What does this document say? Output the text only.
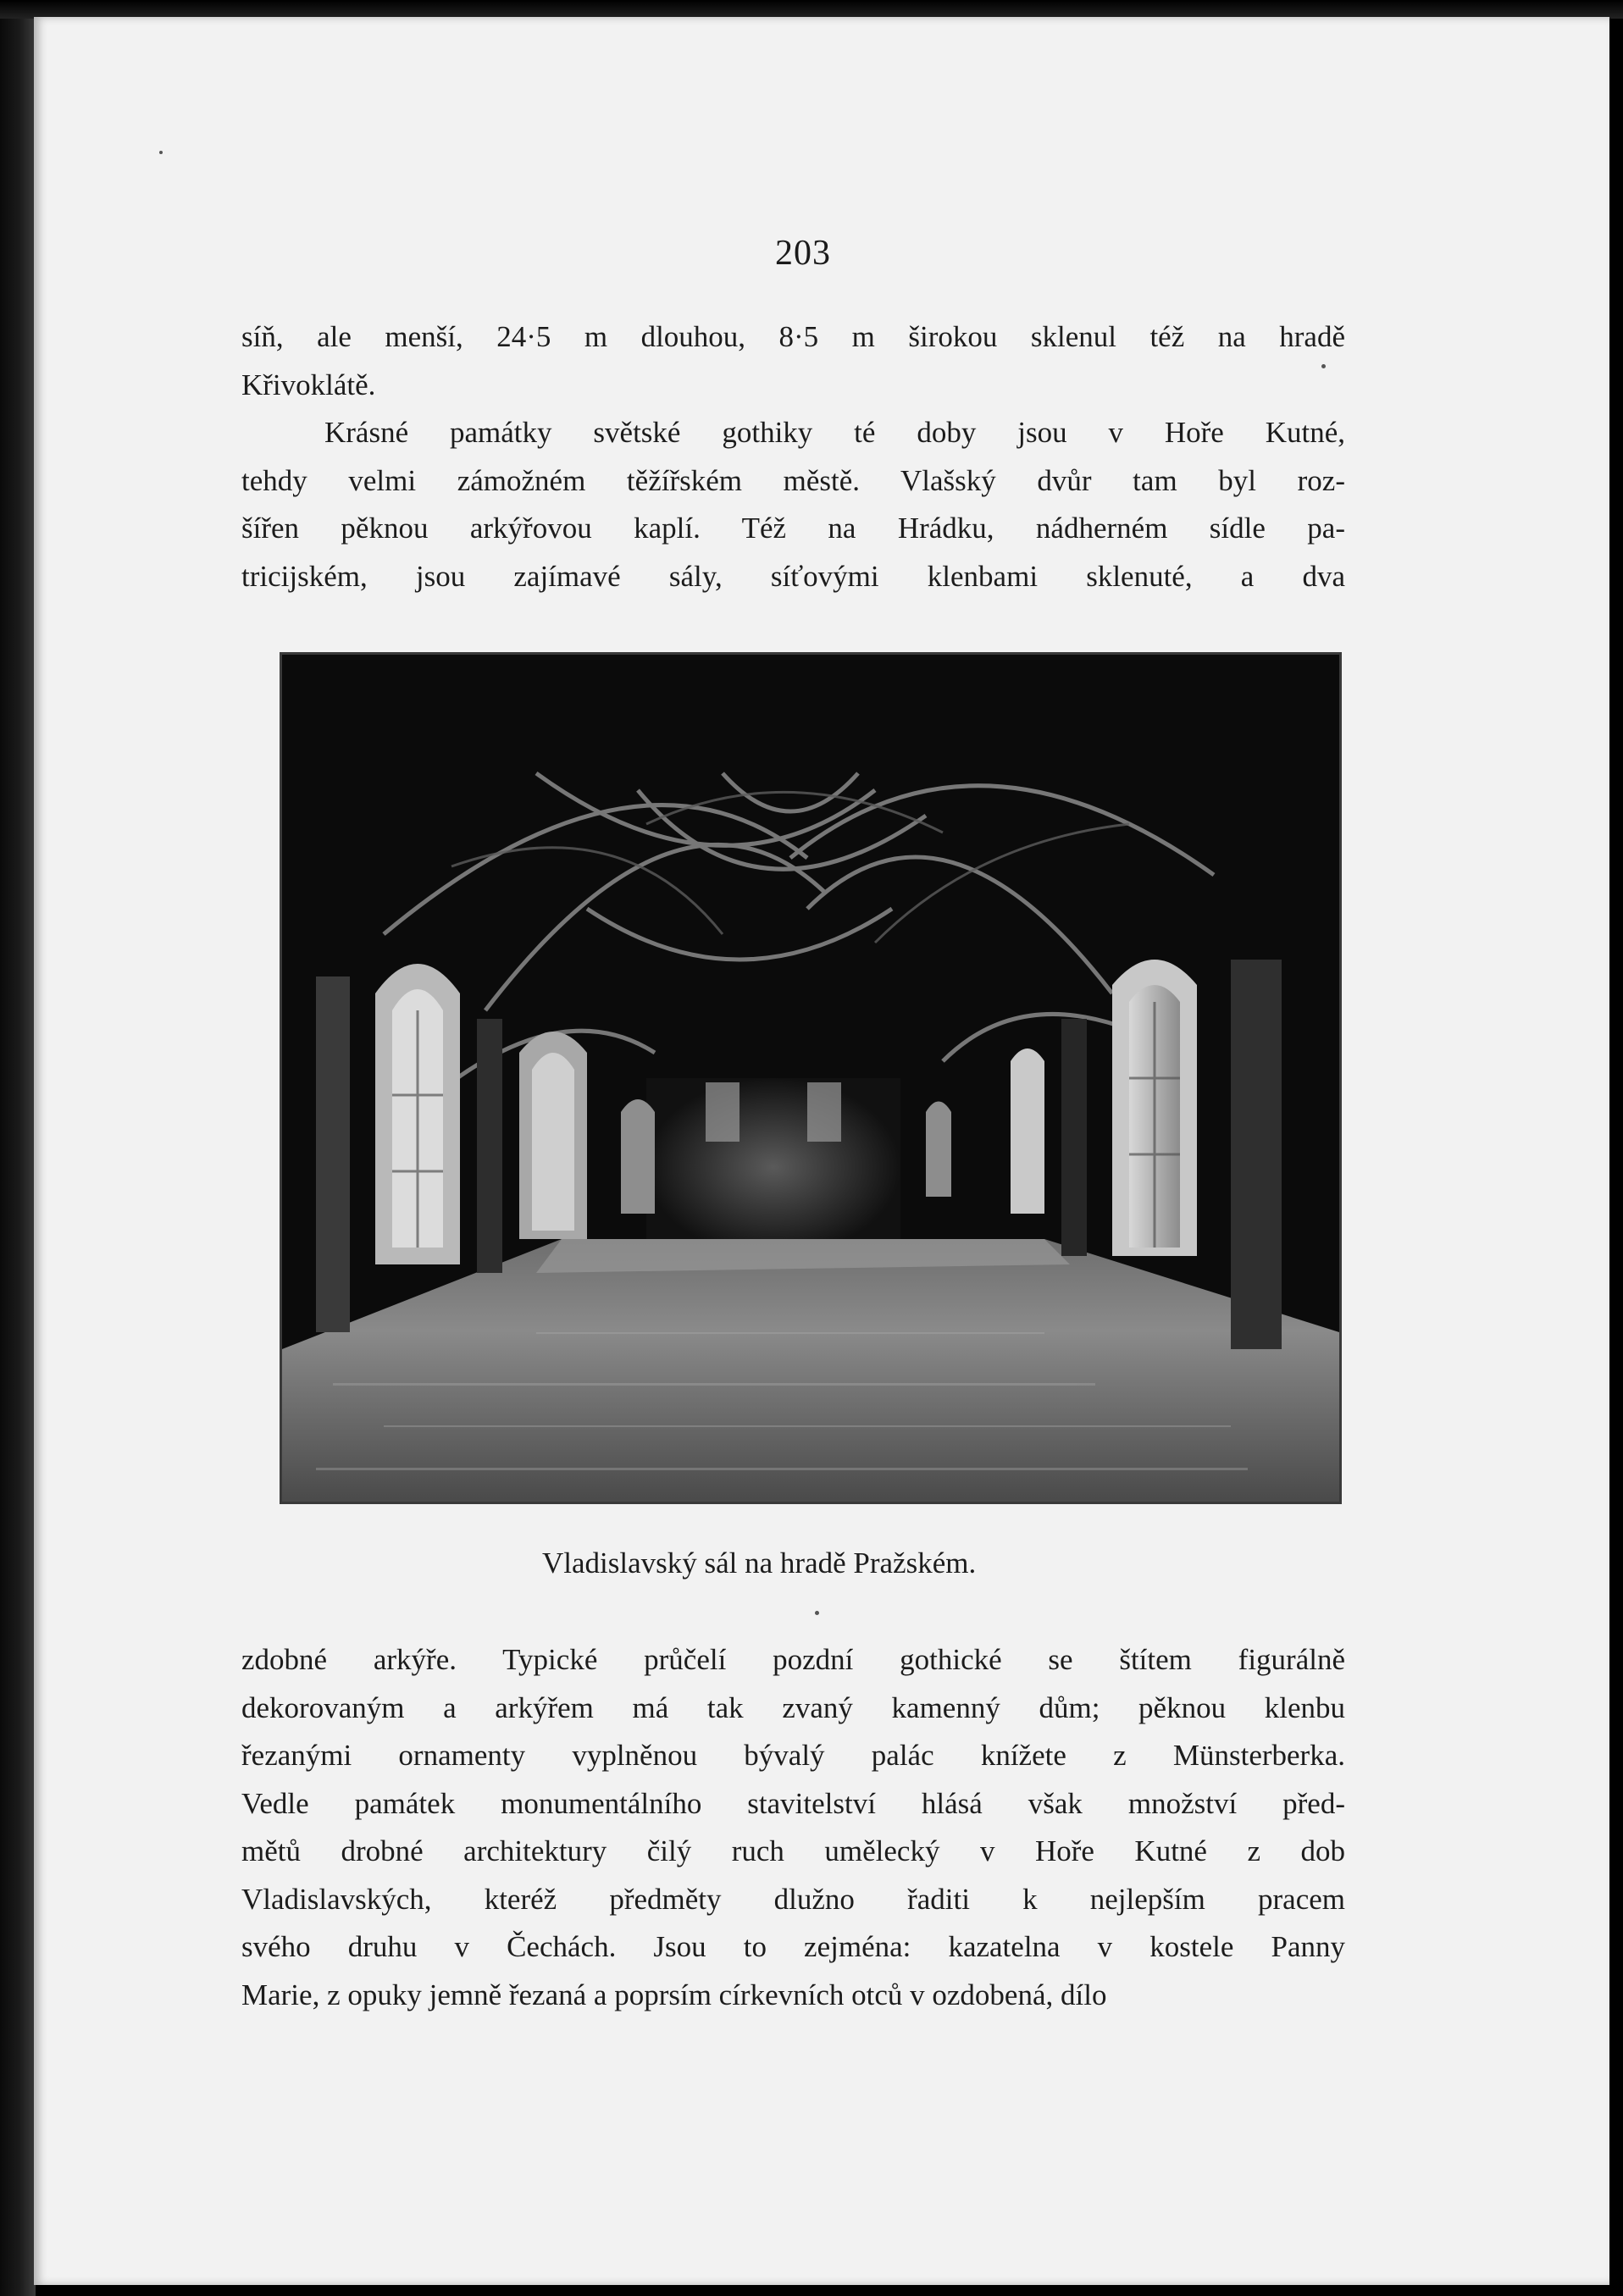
203
síň, ale menší, 24·5 m dlouhou, 8·5 m širokou sklenul též na hradě
Křivoklátě.
Krásné památky světské gothiky té doby jsou v Hoře Kutné,
tehdy velmi zámožném těžířském městě. Vlašský dvůr tam byl roz-
šířen pěknou arkýřovou kaplí. Též na Hrádku, nádherném sídle pa-
tricijském, jsou zajímavé sály, síťovými klenbami sklenuté, a dva
Vladislavský sál na hradě Pražském.
zdobné arkýře. Typické průčelí pozdní gothické se štítem figurálně
dekorovaným a arkýřem má tak zvaný kamenný dům; pěknou klenbu
řezanými ornamenty vyplněnou bývalý palác knížete z Münsterberka.
Vedle památek monumentálního stavitelství hlásá však množství před-
mětů drobné architektury čilý ruch umělecký v Hoře Kutné z dob
Vladislavských, kteréž předměty dlužno řaditi k nejlepším pracem
svého druhu v Čechách. Jsou to zejména: kazatelna v kostele Panny
Marie, z opuky jemně řezaná a poprsím církevních otců v ozdobená, dílo
